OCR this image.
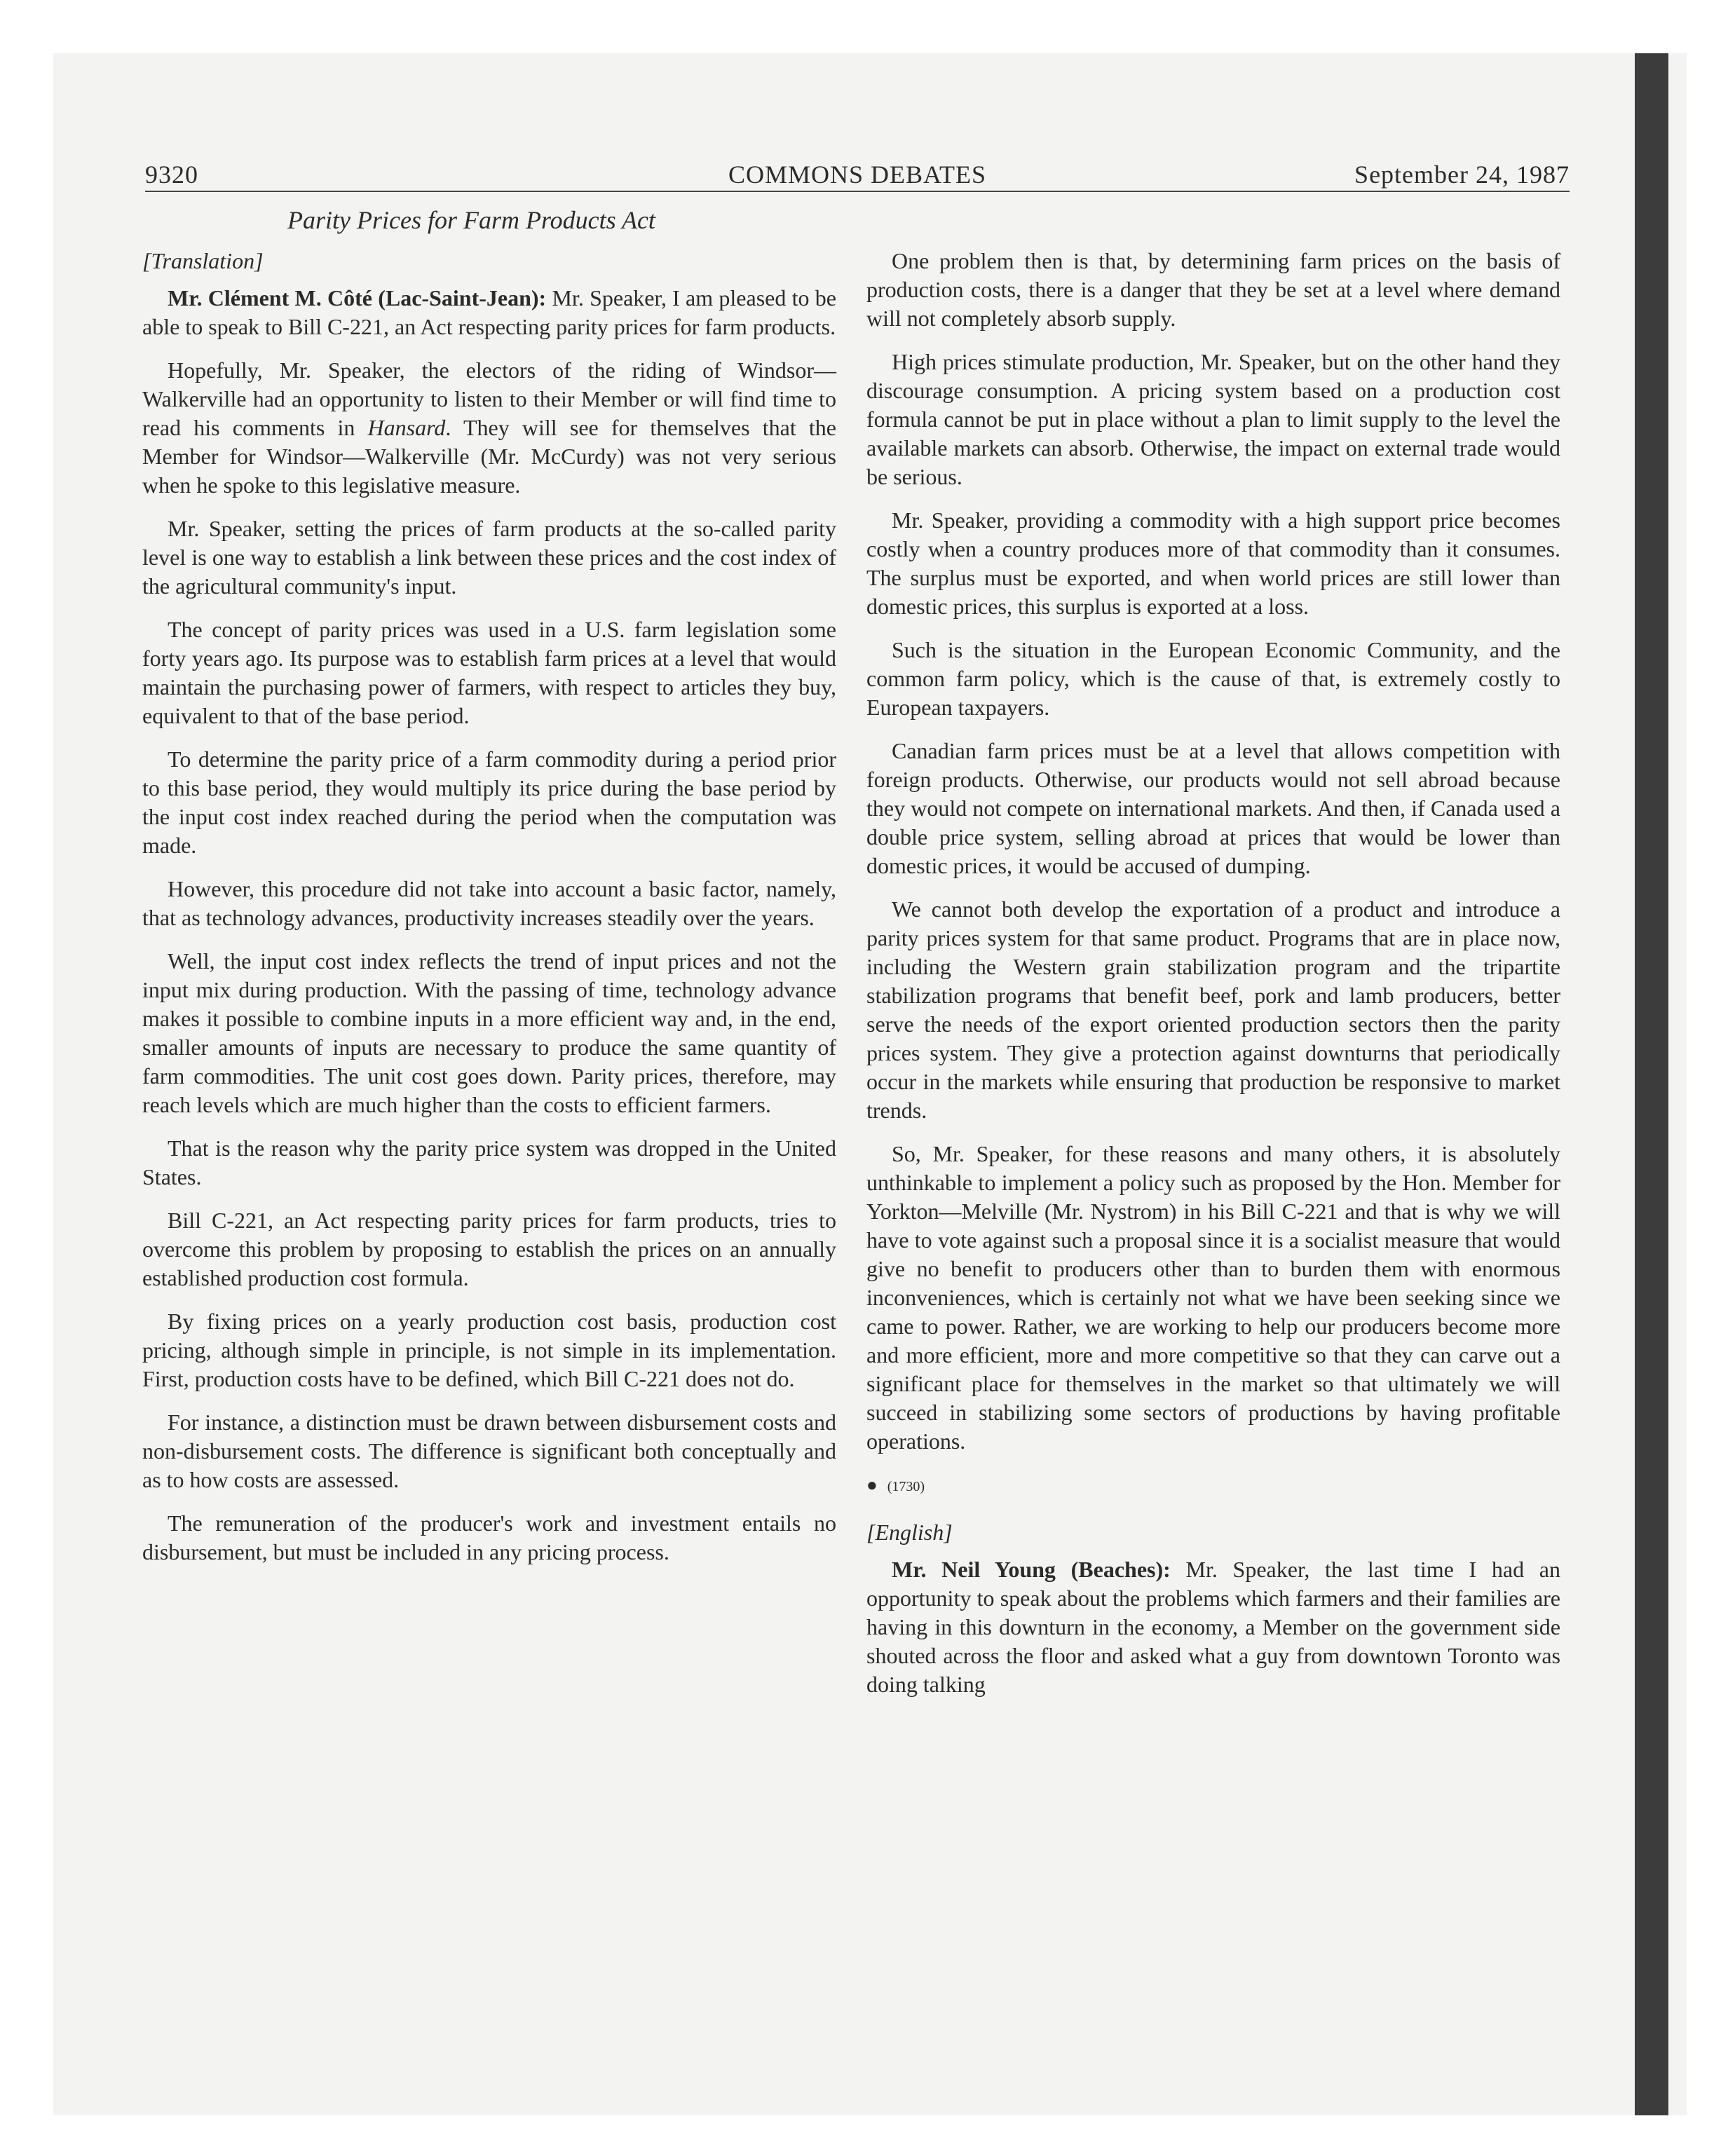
9320	COMMONS DEBATES	September 24, 1987
Parity Prices for Farm Products Act

[Translation]

Mr. Clément M. Côté (Lac-Saint-Jean): Mr. Speaker, I am pleased to be able to speak to Bill C-221, an Act respecting parity prices for farm products.

Hopefully, Mr. Speaker, the electors of the riding of Windsor—Walkerville had an opportunity to listen to their Member or will find time to read his comments in Hansard. They will see for themselves that the Member for Windsor—Walkerville (Mr. McCurdy) was not very serious when he spoke to this legislative measure.

Mr. Speaker, setting the prices of farm products at the so-called parity level is one way to establish a link between these prices and the cost index of the agricultural community's input.

The concept of parity prices was used in a U.S. farm legislation some forty years ago. Its purpose was to establish farm prices at a level that would maintain the purchasing power of farmers, with respect to articles they buy, equivalent to that of the base period.

To determine the parity price of a farm commodity during a period prior to this base period, they would multiply its price during the base period by the input cost index reached during the period when the computation was made.

However, this procedure did not take into account a basic factor, namely, that as technology advances, productivity increases steadily over the years.

Well, the input cost index reflects the trend of input prices and not the input mix during production. With the passing of time, technology advance makes it possible to combine inputs in a more efficient way and, in the end, smaller amounts of inputs are necessary to produce the same quantity of farm commodities. The unit cost goes down. Parity prices, therefore, may reach levels which are much higher than the costs to efficient farmers.

That is the reason why the parity price system was dropped in the United States.

Bill C-221, an Act respecting parity prices for farm products, tries to overcome this problem by proposing to establish the prices on an annually established production cost formula.

By fixing prices on a yearly production cost basis, production cost pricing, although simple in principle, is not simple in its implementation. First, production costs have to be defined, which Bill C-221 does not do.

For instance, a distinction must be drawn between disbursement costs and non-disbursement costs. The difference is significant both conceptually and as to how costs are assessed.

The remuneration of the producer's work and investment entails no disbursement, but must be included in any pricing process.

One problem then is that, by determining farm prices on the basis of production costs, there is a danger that they be set at a level where demand will not completely absorb supply.

High prices stimulate production, Mr. Speaker, but on the other hand they discourage consumption. A pricing system based on a production cost formula cannot be put in place without a plan to limit supply to the level the available markets can absorb. Otherwise, the impact on external trade would be serious.

Mr. Speaker, providing a commodity with a high support price becomes costly when a country produces more of that commodity than it consumes. The surplus must be exported, and when world prices are still lower than domestic prices, this surplus is exported at a loss.

Such is the situation in the European Economic Community, and the common farm policy, which is the cause of that, is extremely costly to European taxpayers.

Canadian farm prices must be at a level that allows competition with foreign products. Otherwise, our products would not sell abroad because they would not compete on international markets. And then, if Canada used a double price system, selling abroad at prices that would be lower than domestic prices, it would be accused of dumping.

We cannot both develop the exportation of a product and introduce a parity prices system for that same product. Programs that are in place now, including the Western grain stabilization program and the tripartite stabilization programs that benefit beef, pork and lamb producers, better serve the needs of the export oriented production sectors then the parity prices system. They give a protection against downturns that periodically occur in the markets while ensuring that production be responsive to market trends.

So, Mr. Speaker, for these reasons and many others, it is absolutely unthinkable to implement a policy such as proposed by the Hon. Member for Yorkton—Melville (Mr. Nystrom) in his Bill C-221 and that is why we will have to vote against such a proposal since it is a socialist measure that would give no benefit to producers other than to burden them with enormous inconveniences, which is certainly not what we have been seeking since we came to power. Rather, we are working to help our producers become more and more efficient, more and more competitive so that they can carve out a significant place for themselves in the market so that ultimately we will succeed in stabilizing some sectors of productions by having profitable operations.

● (1730)

[English]

Mr. Neil Young (Beaches): Mr. Speaker, the last time I had an opportunity to speak about the problems which farmers and their families are having in this downturn in the economy, a Member on the government side shouted across the floor and asked what a guy from downtown Toronto was doing talking
